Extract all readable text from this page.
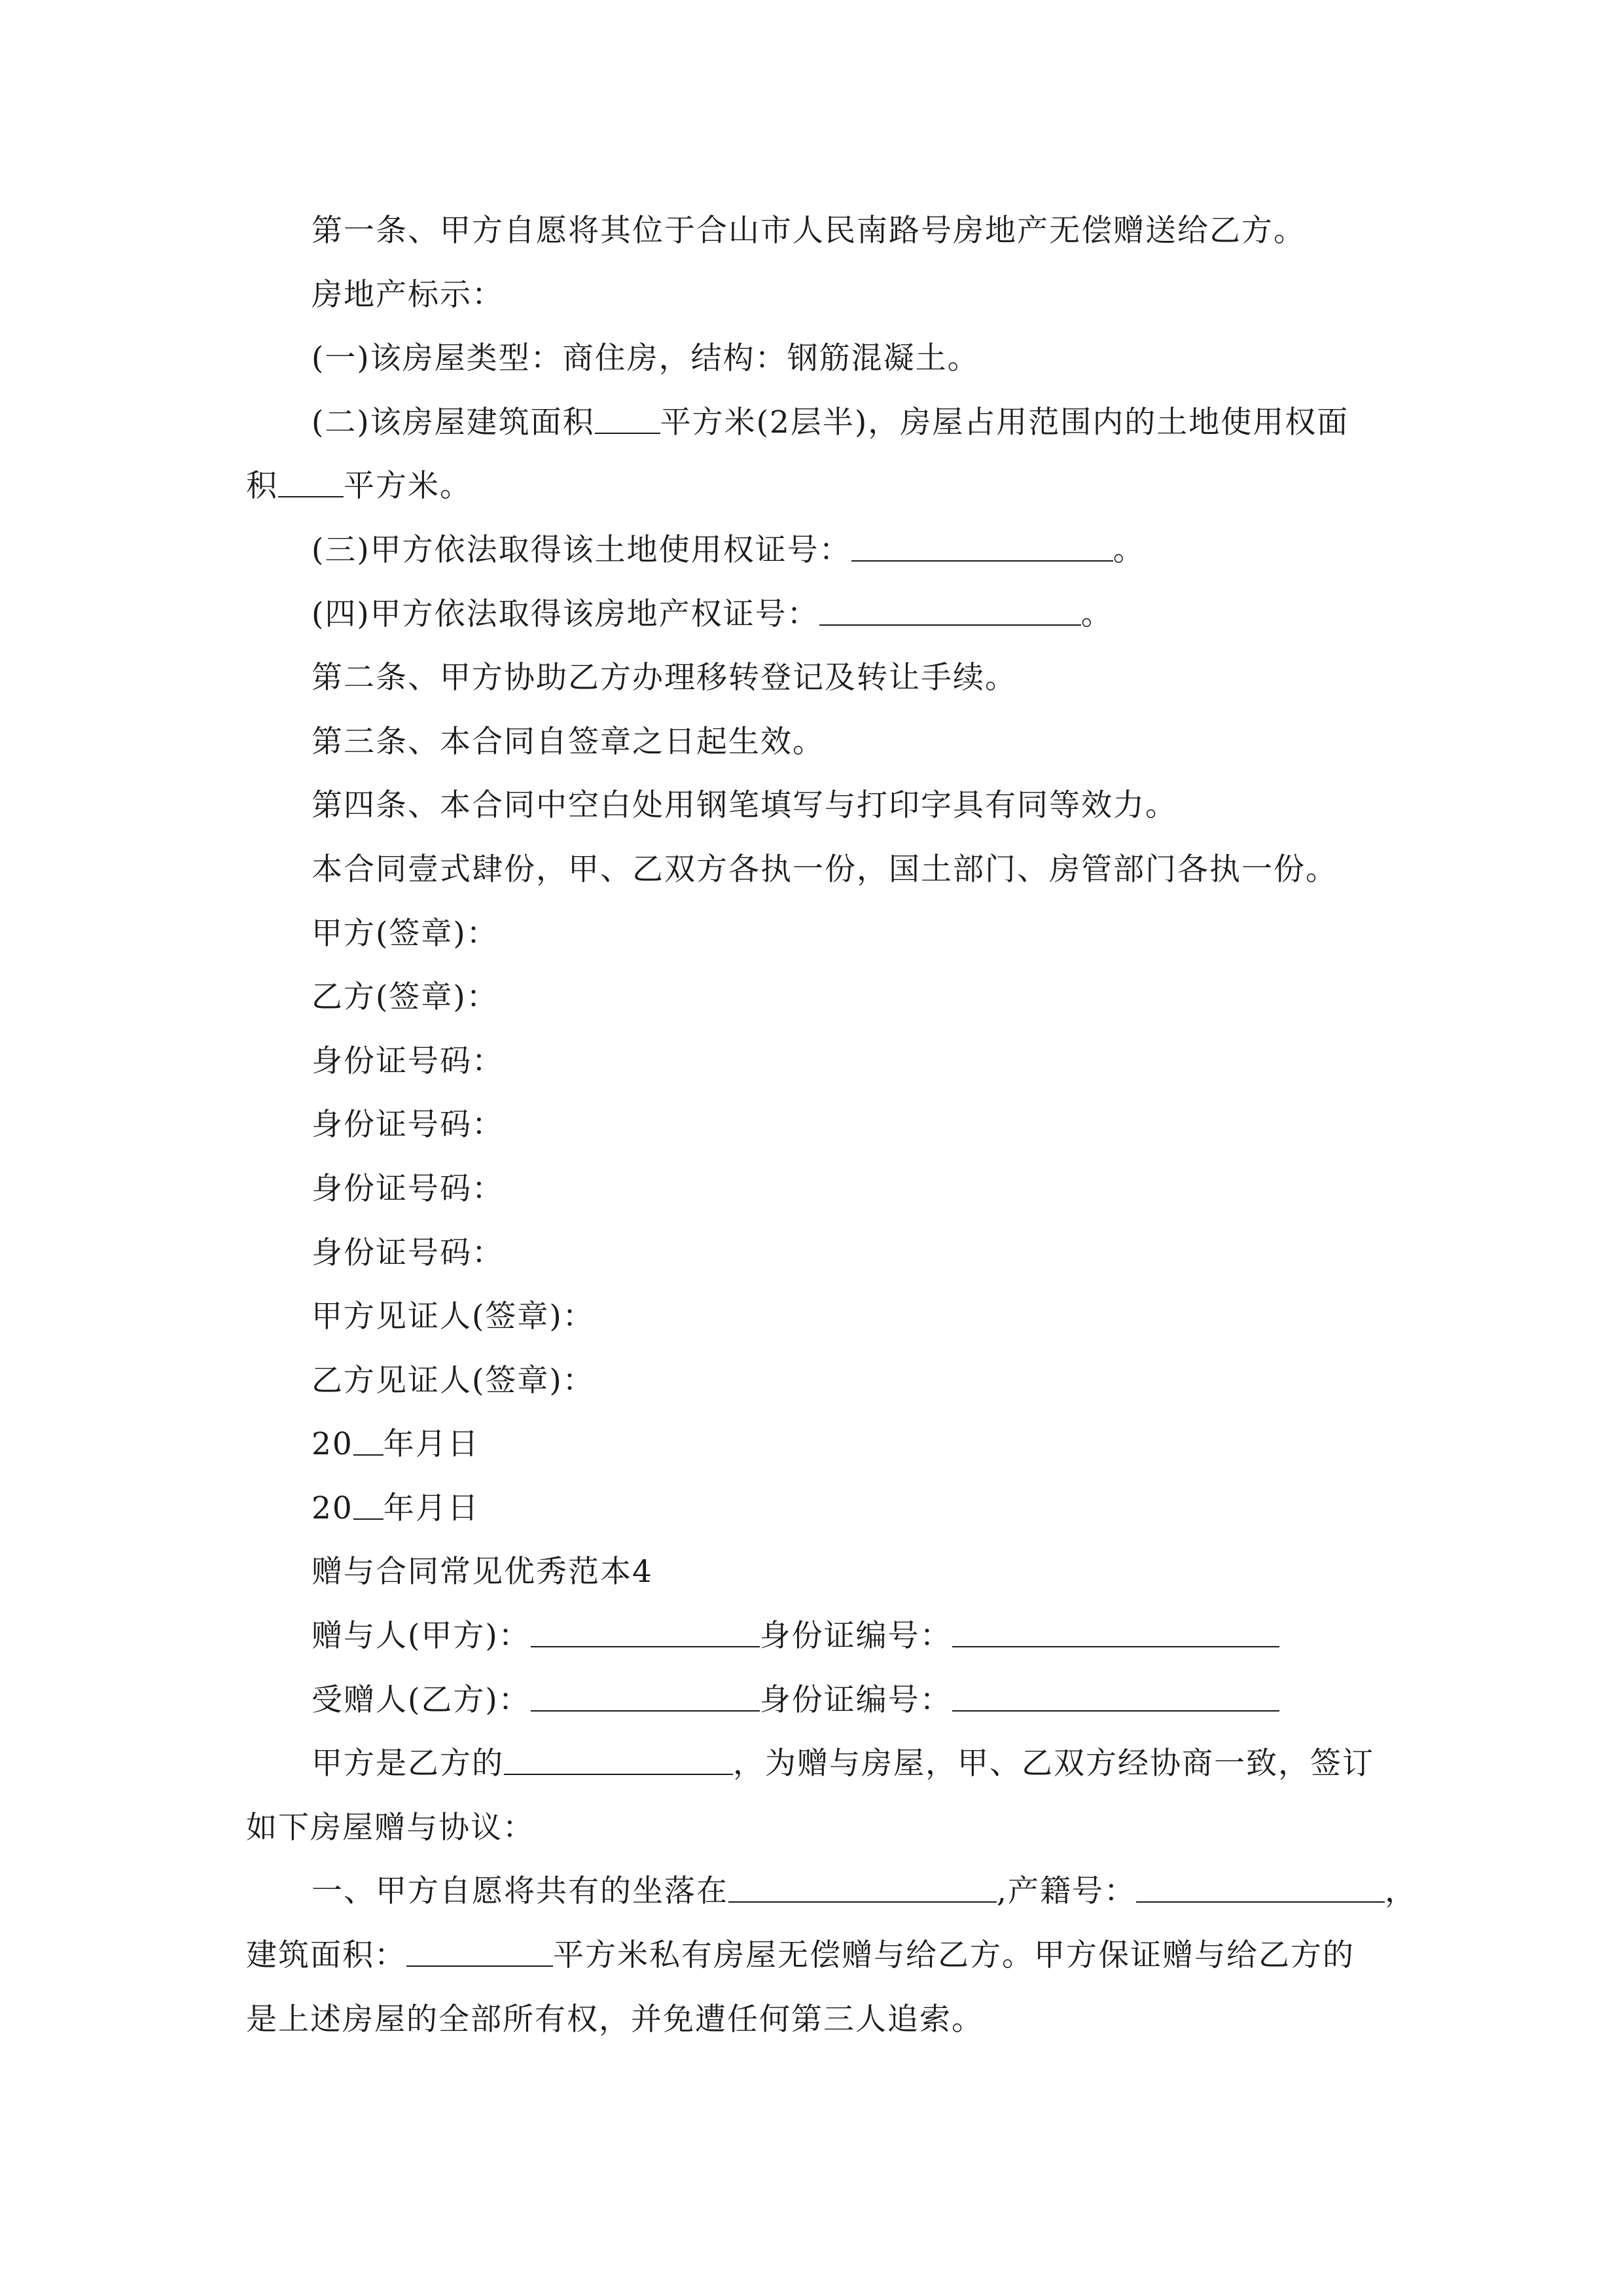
第一条、甲方自愿将其位于合山市人民南路号房地产无偿赠送给乙方。
房地产标示：
(一)该房屋类型：商住房，结构：钢筋混凝土。
(二)该房屋建筑面积 平方米(2层半)，房屋占用范围内的土地使用权面
积 平方米。
(三)甲方依法取得该土地使用权证号：	。
(四)甲方依法取得该房地产权证号：	。
第二条、甲方协助乙方办理移转登记及转让手续。
第三条、本合同自签章之日起生效。
第四条、本合同中空白处用钢笔填写与打印字具有同等效力。
本合同壹式肆份，甲、乙双方各执一份，国土部门、房管部门各执一份。
甲方(签章)：
乙方(签章)：
身份证号码：
身份证号码：
身份证号码：
身份证号码：
甲方见证人(签章)：
乙方见证人(签章)：
20 年月日
20 年月日
赠与合同常见优秀范本4
赠与人(甲方)：	身份证编号：
受赠人(乙方)：	身份证编号：
甲方是乙方的	，为赠与房屋，甲、乙双方经协商一致，签订
如下房屋赠与协议：
一、甲方自愿将共有的坐落在	,产籍号：	，
建筑面积：	平方米私有房屋无偿赠与给乙方。甲方保证赠与给乙方的
是上述房屋的全部所有权，并免遭任何第三人追索。
